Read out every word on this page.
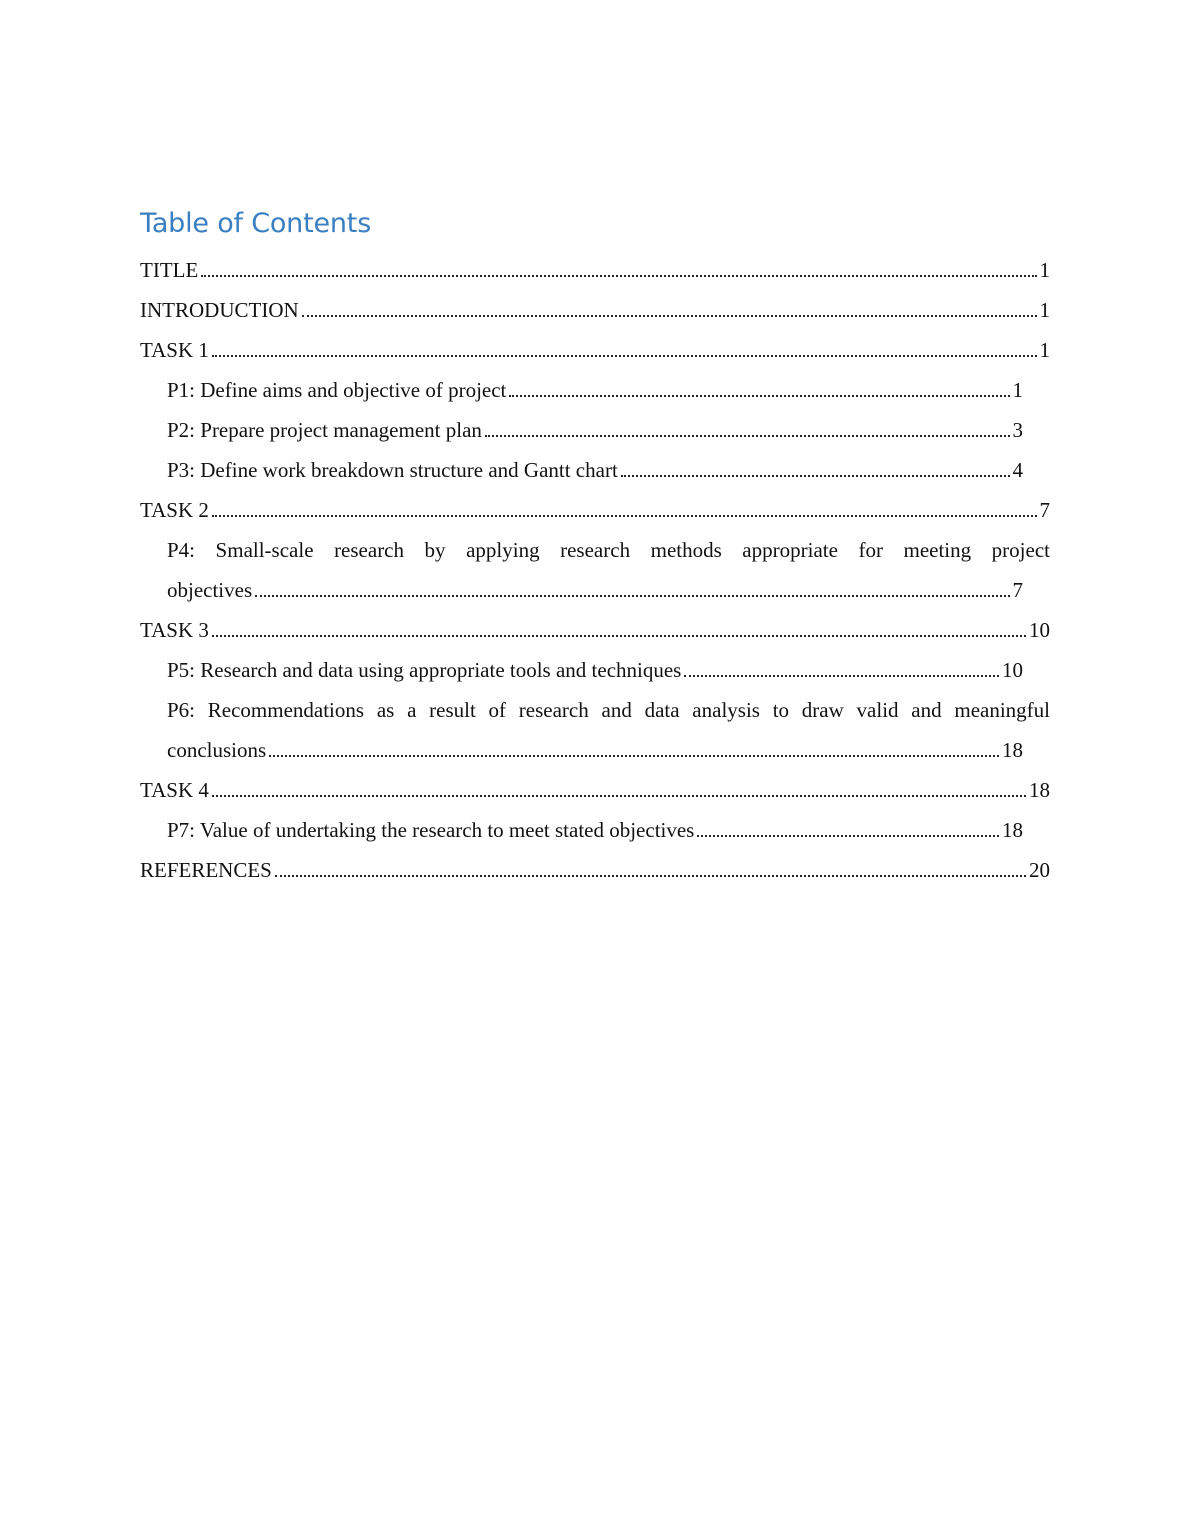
Table of Contents
TITLE	1
INTRODUCTION	1
TASK 1	1
P1: Define aims and objective of project	1
P2: Prepare project management plan	3
P3: Define work breakdown structure and Gantt chart	4
TASK 2	7
P4: Small-scale research by applying research methods appropriate for meeting project
objectives	7
TASK 3	10
P5: Research and data using appropriate tools and techniques	10
P6: Recommendations as a result of research and data analysis to draw valid and meaningful
conclusions	18
TASK 4	18
P7: Value of undertaking the research to meet stated objectives	18
REFERENCES	20
